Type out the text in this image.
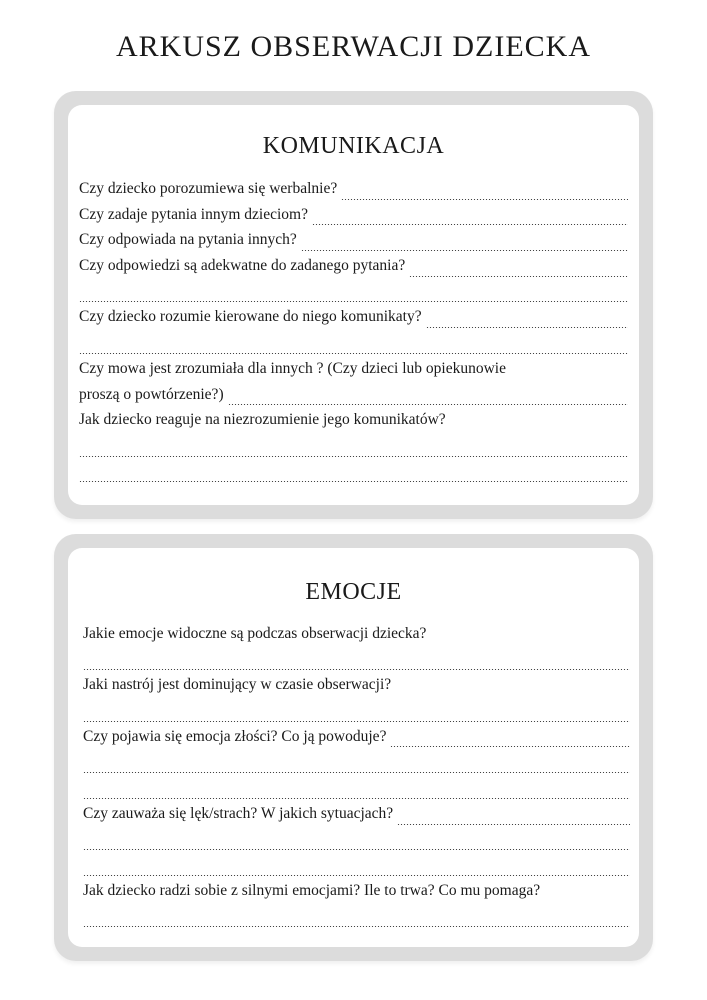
ARKUSZ OBSERWACJI DZIECKA
KOMUNIKACJA
Czy dziecko porozumiewa się werbalnie?
Czy zadaje pytania innym dzieciom?
Czy odpowiada na pytania innych?
Czy odpowiedzi są adekwatne do zadanego pytania?
Czy dziecko rozumie kierowane do niego komunikaty?
Czy mowa jest zrozumiała dla innych ? (Czy dzieci lub opiekunowie
proszą o powtórzenie?)
Jak dziecko reaguje na niezrozumienie jego komunikatów?
EMOCJE
Jakie emocje widoczne są podczas obserwacji dziecka?
Jaki nastrój jest dominujący w czasie obserwacji?
Czy pojawia się emocja złości? Co ją powoduje?
Czy zauważa się lęk/strach? W jakich sytuacjach?
Jak dziecko radzi sobie z silnymi emocjami? Ile to trwa? Co mu pomaga?
